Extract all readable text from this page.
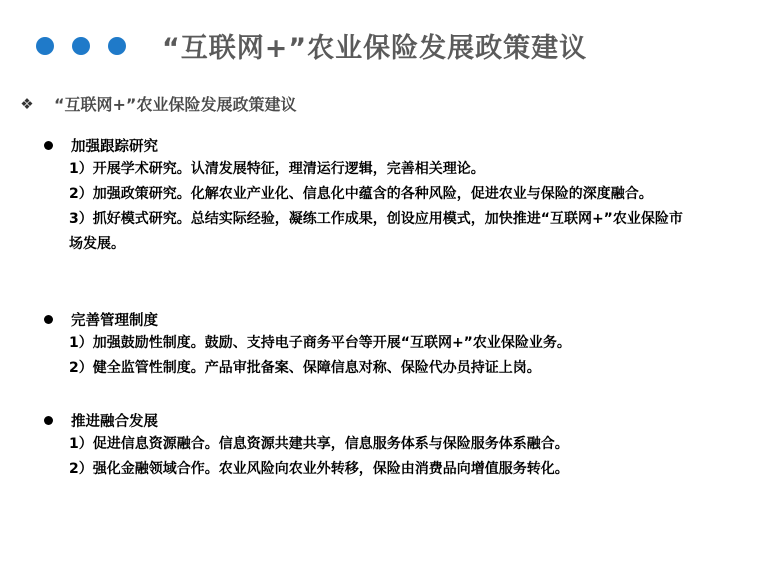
“互联网+”农业保险发展政策建议
❖ “互联网+”农业保险发展政策建议
加强跟踪研究
1）开展学术研究。认清发展特征，理清运行逻辑，完善相关理论。
2）加强政策研究。化解农业产业化、信息化中蕴含的各种风险，促进农业与保险的深度融合。
3）抓好模式研究。总结实际经验，凝练工作成果，创设应用模式，加快推进“互联网+”农业保险市场发展。
完善管理制度
1）加强鼓励性制度。鼓励、支持电子商务平台等开展“互联网+”农业保险业务。
2）健全监管性制度。产品审批备案、保障信息对称、保险代办员持证上岗。
推进融合发展
1）促进信息资源融合。信息资源共建共享，信息服务体系与保险服务体系融合。
2）强化金融领域合作。农业风险向农业外转移，保险由消费品向增值服务转化。
